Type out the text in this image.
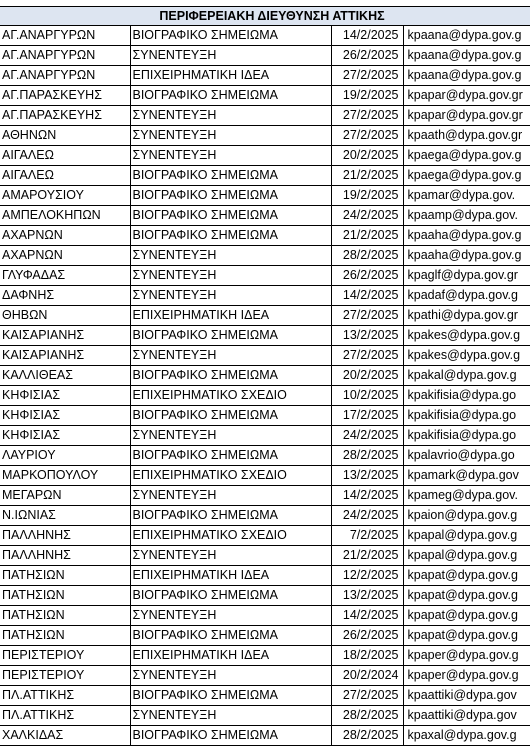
ΠΕΡΙΦΕΡΕΙΑΚΗ ΔΙΕΥΘΥΝΣΗ ΑΤΤΙΚΗΣ
ΑΓ.ΑΝΑΡΓΥΡΩΝ	ΒΙΟΓΡΑΦΙΚΟ ΣΗΜΕΙΩΜΑ	14/2/2025	kpaana@dypa.gov.g
ΑΓ.ΑΝΑΡΓΥΡΩΝ	ΣΥΝΕΝΤΕΥΞΗ	26/2/2025	kpaana@dypa.gov.g
ΑΓ.ΑΝΑΡΓΥΡΩΝ	ΕΠΙΧΕΙΡΗΜΑΤΙΚΗ ΙΔΕΑ	27/2/2025	kpaana@dypa.gov.g
ΑΓ.ΠΑΡΑΣΚΕΥΗΣ	ΒΙΟΓΡΑΦΙΚΟ ΣΗΜΕΙΩΜΑ	19/2/2025	kpapar@dypa.gov.gr
ΑΓ.ΠΑΡΑΣΚΕΥΗΣ	ΣΥΝΕΝΤΕΥΞΗ	27/2/2025	kpapar@dypa.gov.gr
ΑΘΗΝΩΝ	ΣΥΝΕΝΤΕΥΞΗ	27/2/2025	kpaath@dypa.gov.gr
ΑΙΓΑΛΕΩ	ΣΥΝΕΝΤΕΥΞΗ	20/2/2025	kpaega@dypa.gov.g
ΑΙΓΑΛΕΩ	ΒΙΟΓΡΑΦΙΚΟ ΣΗΜΕΙΩΜΑ	21/2/2025	kpaega@dypa.gov.g
ΑΜΑΡΟΥΣΙΟΥ	ΒΙΟΓΡΑΦΙΚΟ ΣΗΜΕΙΩΜΑ	19/2/2025	kpamar@dypa.gov.
ΑΜΠΕΛΟΚΗΠΩΝ	ΒΙΟΓΡΑΦΙΚΟ ΣΗΜΕΙΩΜΑ	24/2/2025	kpaamp@dypa.gov.
ΑΧΑΡΝΩΝ	ΒΙΟΓΡΑΦΙΚΟ ΣΗΜΕΙΩΜΑ	21/2/2025	kpaaha@dypa.gov.g
ΑΧΑΡΝΩΝ	ΣΥΝΕΝΤΕΥΞΗ	28/2/2025	kpaaha@dypa.gov.g
ΓΛΥΦΑΔΑΣ	ΣΥΝΕΝΤΕΥΞΗ	26/2/2025	kpaglf@dypa.gov.gr
ΔΑΦΝΗΣ	ΣΥΝΕΝΤΕΥΞΗ	14/2/2025	kpadaf@dypa.gov.g
ΘΗΒΩΝ	ΕΠΙΧΕΙΡΗΜΑΤΙΚΗ ΙΔΕΑ	27/2/2025	kpathi@dypa.gov.gr
ΚΑΙΣΑΡΙΑΝΗΣ	ΒΙΟΓΡΑΦΙΚΟ ΣΗΜΕΙΩΜΑ	13/2/2025	kpakes@dypa.gov.g
ΚΑΙΣΑΡΙΑΝΗΣ	ΣΥΝΕΝΤΕΥΞΗ	27/2/2025	kpakes@dypa.gov.g
ΚΑΛΛΙΘΕΑΣ	ΒΙΟΓΡΑΦΙΚΟ ΣΗΜΕΙΩΜΑ	20/2/2025	kpakal@dypa.gov.g
ΚΗΦΙΣΙΑΣ	ΕΠΙΧΕΙΡΗΜΑΤΙΚΟ ΣΧΕΔΙΟ	10/2/2025	kpakifisia@dypa.go
ΚΗΦΙΣΙΑΣ	ΒΙΟΓΡΑΦΙΚΟ ΣΗΜΕΙΩΜΑ	17/2/2025	kpakifisia@dypa.go
ΚΗΦΙΣΙΑΣ	ΣΥΝΕΝΤΕΥΞΗ	24/2/2025	kpakifisia@dypa.go
ΛΑΥΡΙΟΥ	ΒΙΟΓΡΑΦΙΚΟ ΣΗΜΕΙΩΜΑ	28/2/2025	kpalavrio@dypa.go
ΜΑΡΚΟΠΟΥΛΟΥ	ΕΠΙΧΕΙΡΗΜΑΤΙΚΟ ΣΧΕΔΙΟ	13/2/2025	kpamark@dypa.gov
ΜΕΓΑΡΩΝ	ΣΥΝΕΝΤΕΥΞΗ	14/2/2025	kpameg@dypa.gov.
Ν.ΙΩΝΙΑΣ	ΒΙΟΓΡΑΦΙΚΟ ΣΗΜΕΙΩΜΑ	24/2/2025	kpaion@dypa.gov.g
ΠΑΛΛΗΝΗΣ	ΕΠΙΧΕΙΡΗΜΑΤΙΚΟ ΣΧΕΔΙΟ	7/2/2025	kpapal@dypa.gov.g
ΠΑΛΛΗΝΗΣ	ΣΥΝΕΝΤΕΥΞΗ	21/2/2025	kpapal@dypa.gov.g
ΠΑΤΗΣΙΩΝ	ΕΠΙΧΕΙΡΗΜΑΤΙΚΗ ΙΔΕΑ	12/2/2025	kpapat@dypa.gov.g
ΠΑΤΗΣΙΩΝ	ΒΙΟΓΡΑΦΙΚΟ ΣΗΜΕΙΩΜΑ	13/2/2025	kpapat@dypa.gov.g
ΠΑΤΗΣΙΩΝ	ΣΥΝΕΝΤΕΥΞΗ	14/2/2025	kpapat@dypa.gov.g
ΠΑΤΗΣΙΩΝ	ΒΙΟΓΡΑΦΙΚΟ ΣΗΜΕΙΩΜΑ	26/2/2025	kpapat@dypa.gov.g
ΠΕΡΙΣΤΕΡΙΟΥ	ΕΠΙΧΕΙΡΗΜΑΤΙΚΗ ΙΔΕΑ	18/2/2025	kpaper@dypa.gov.g
ΠΕΡΙΣΤΕΡΙΟΥ	ΣΥΝΕΝΤΕΥΞΗ	20/2/2024	kpaper@dypa.gov.g
ΠΛ.ΑΤΤΙΚΗΣ	ΒΙΟΓΡΑΦΙΚΟ ΣΗΜΕΙΩΜΑ	27/2/2025	kpaattiki@dypa.gov
ΠΛ.ΑΤΤΙΚΗΣ	ΣΥΝΕΝΤΕΥΞΗ	28/2/2025	kpaattiki@dypa.gov
ΧΑΛΚΙΔΑΣ	ΒΙΟΓΡΑΦΙΚΟ ΣΗΜΕΙΩΜΑ	28/2/2025	kpaxal@dypa.gov.g
